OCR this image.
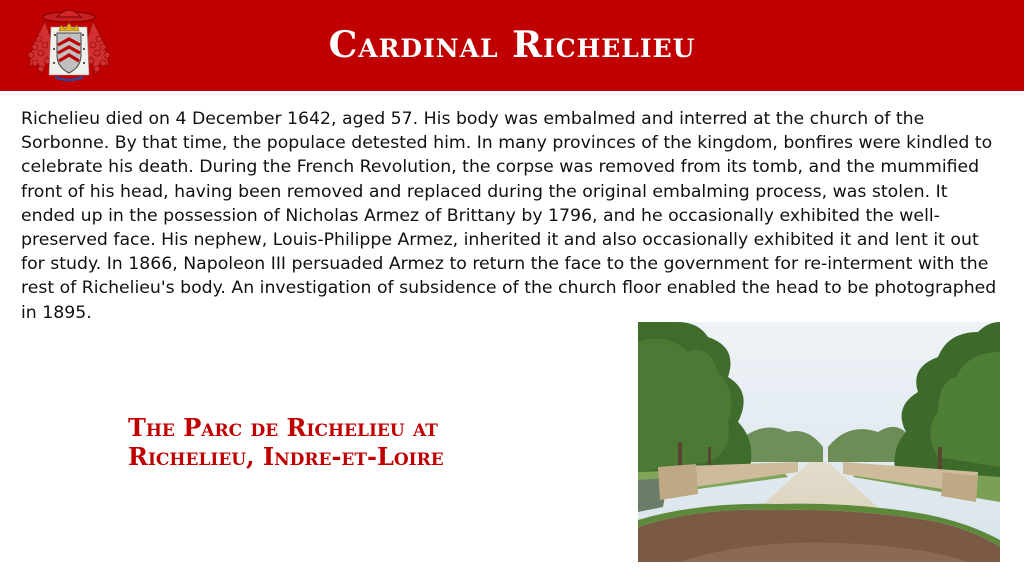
Cardinal Richelieu

Richelieu died on 4 December 1642, aged 57. His body was embalmed and interred at the church of the Sorbonne. By that time, the populace detested him. In many provinces of the kingdom, bonfires were kindled to celebrate his death. During the French Revolution, the corpse was removed from its tomb, and the mummified front of his head, having been removed and replaced during the original embalming process, was stolen. It ended up in the possession of Nicholas Armez of Brittany by 1796, and he occasionally exhibited the well-preserved face. His nephew, Louis-Philippe Armez, inherited it and also occasionally exhibited it and lent it out for study. In 1866, Napoleon III persuaded Armez to return the face to the government for re-interment with the rest of Richelieu's body. An investigation of subsidence of the church floor enabled the head to be photographed in 1895.

The Parc de Richelieu at
Richelieu, Indre-et-Loire
